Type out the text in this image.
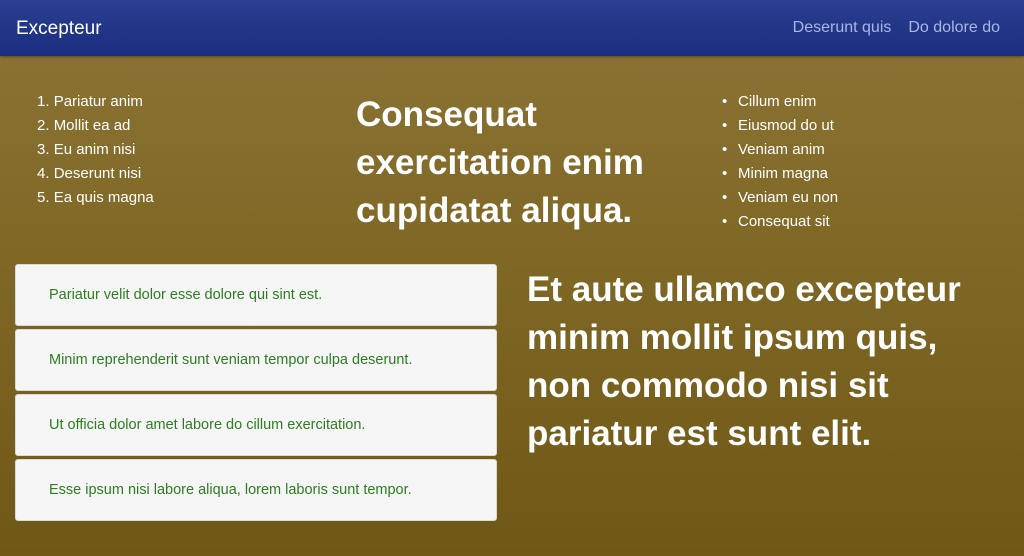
Excepteur	Deserunt quis Do dolore do
1. Pariatur anim
2. Mollit ea ad
3. Eu anim nisi
4. Deserunt nisi
5. Ea quis magna
Consequat exercitation enim cupidatat aliqua.
• Cillum enim
• Eiusmod do ut
• Veniam anim
• Minim magna
• Veniam eu non
• Consequat sit
Pariatur velit dolor esse dolore qui sint est.
Minim reprehenderit sunt veniam tempor culpa deserunt.
Ut officia dolor amet labore do cillum exercitation.
Esse ipsum nisi labore aliqua, lorem laboris sunt tempor.
Et aute ullamco excepteur minim mollit ipsum quis, non commodo nisi sit pariatur est sunt elit.
